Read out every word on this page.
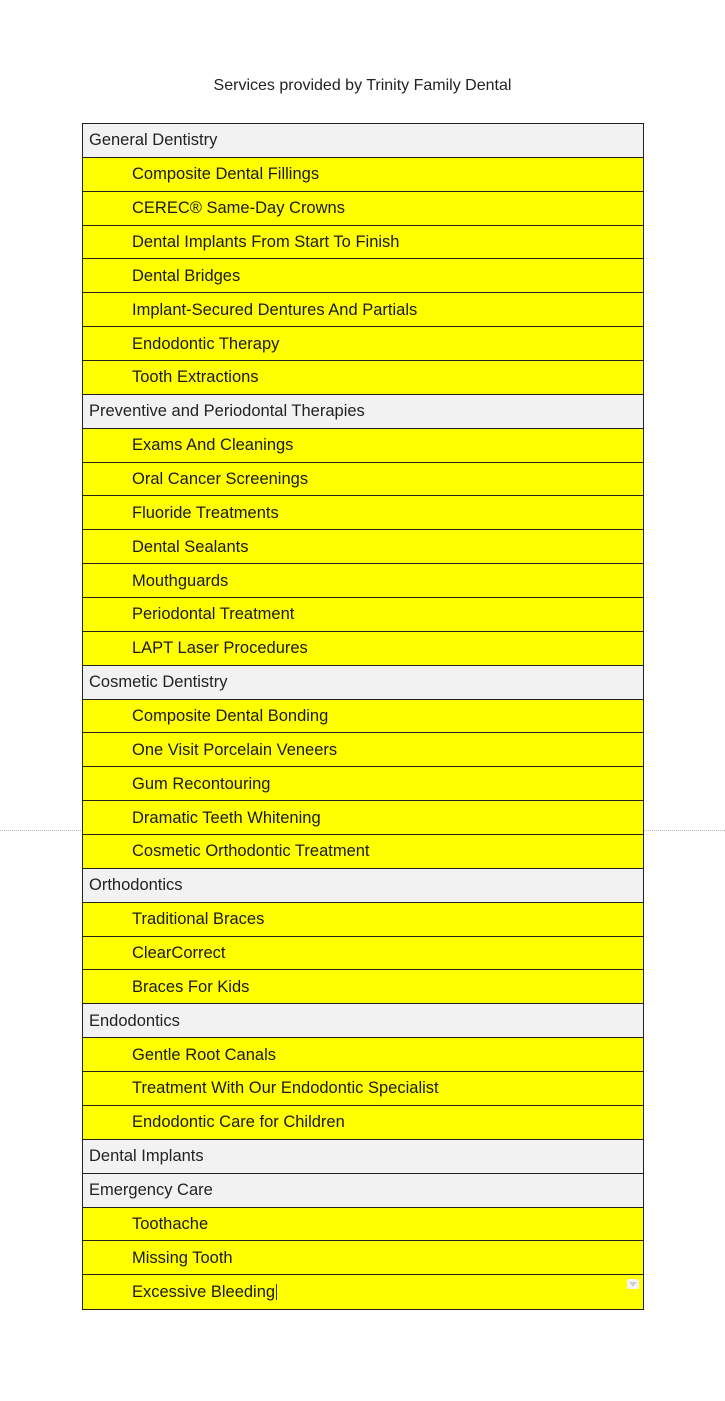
Services provided by Trinity Family Dental
General Dentistry
Composite Dental Fillings
CEREC® Same-Day Crowns
Dental Implants From Start To Finish
Dental Bridges
Implant-Secured Dentures And Partials
Endodontic Therapy
Tooth Extractions
Preventive and Periodontal Therapies
Exams And Cleanings
Oral Cancer Screenings
Fluoride Treatments
Dental Sealants
Mouthguards
Periodontal Treatment
LAPT Laser Procedures
Cosmetic Dentistry
Composite Dental Bonding
One Visit Porcelain Veneers
Gum Recontouring
Dramatic Teeth Whitening
Cosmetic Orthodontic Treatment
Orthodontics
Traditional Braces
ClearCorrect
Braces For Kids
Endodontics
Gentle Root Canals
Treatment With Our Endodontic Specialist
Endodontic Care for Children
Dental Implants
Emergency Care
Toothache
Missing Tooth
Excessive Bleeding
